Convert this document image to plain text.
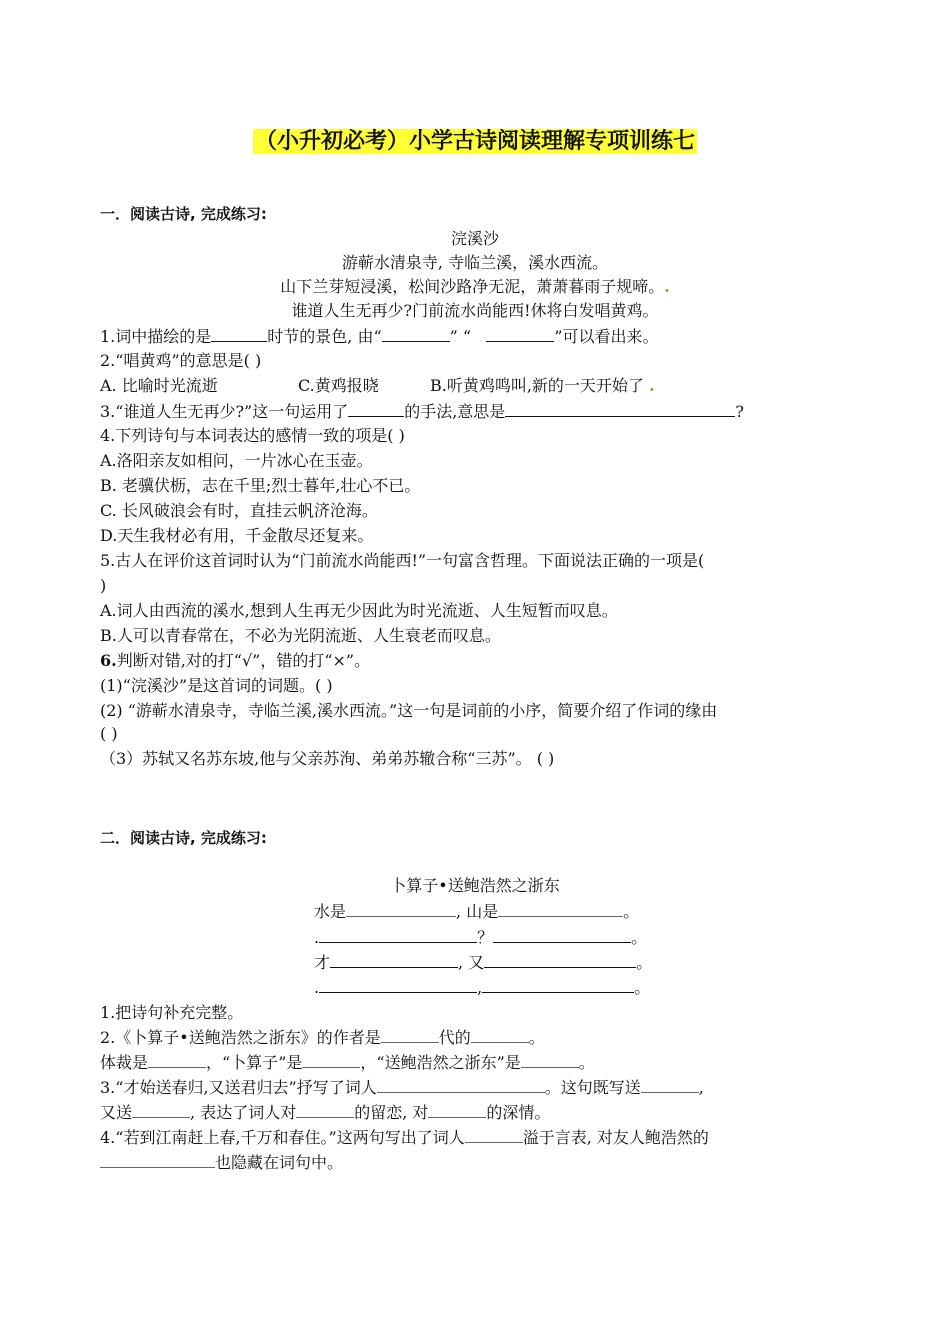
（小升初必考）小学古诗阅读理解专项训练七
一．阅读古诗, 完成练习:
浣溪沙
游蕲水清泉寺, 寺临兰溪，溪水西流。
山下兰芽短浸溪，松间沙路净无泥，萧萧暮雨子规啼。.
谁道人生无再少?门前流水尚能西!休将白发唱黄鸡。
1.词中描绘的是	时节的景色, 由“	” “	”可以看出来。
2.“唱黄鸡”的意思是( )
A. 比喻时光流逝	C.黄鸡报晓	B.听黄鸡鸣叫,新的一天开始了 .
3.“谁道人生无再少?”这一句运用了	的手法,意思是	?
4.下列诗句与本词表达的感情一致的项是( )
A.洛阳亲友如相问，一片冰心在玉壶。
B. 老骥伏枥，志在千里;烈士暮年,壮心不已。
C. 长风破浪会有时，直挂云帆济沧海。
D.天生我材必有用，千金散尽还复来。
5.古人在评价这首词时认为“门前流水尚能西!”一句富含哲理。下面说法正确的一项是(
)
A.词人由西流的溪水,想到人生再无少因此为时光流逝、人生短暂而叹息。
B.人可以青春常在，不必为光阴流逝、人生衰老而叹息。
6.判断对错,对的打“√”，错的打“×”。
(1)“浣溪沙”是这首词的词题。( )
(2) “游蕲水清泉寺，寺临兰溪,溪水西流。”这一句是词前的小序，简要介绍了作词的缘由
( )
（3）苏轼又名苏东坡,他与父亲苏洵、弟弟苏辙合称“三苏”。 ( )
二．阅读古诗, 完成练习:
卜算子•送鲍浩然之浙东
水是	, 山是	。
.	？	。
才	, 又	。
.	,	。
1.把诗句补充完整。
2.《卜算子•送鲍浩然之浙东》的作者是	代的	。
体裁是	，“卜算子”是	，“送鲍浩然之浙东”是	。
3.“才始送春归,又送君归去”抒写了词人	。这句既写送	,
又送	, 表达了词人对	的留恋, 对	的深情。
4.“若到江南赶上春,千万和春住。”这两句写出了词人	溢于言表, 对友人鲍浩然的
也隐藏在词句中。
